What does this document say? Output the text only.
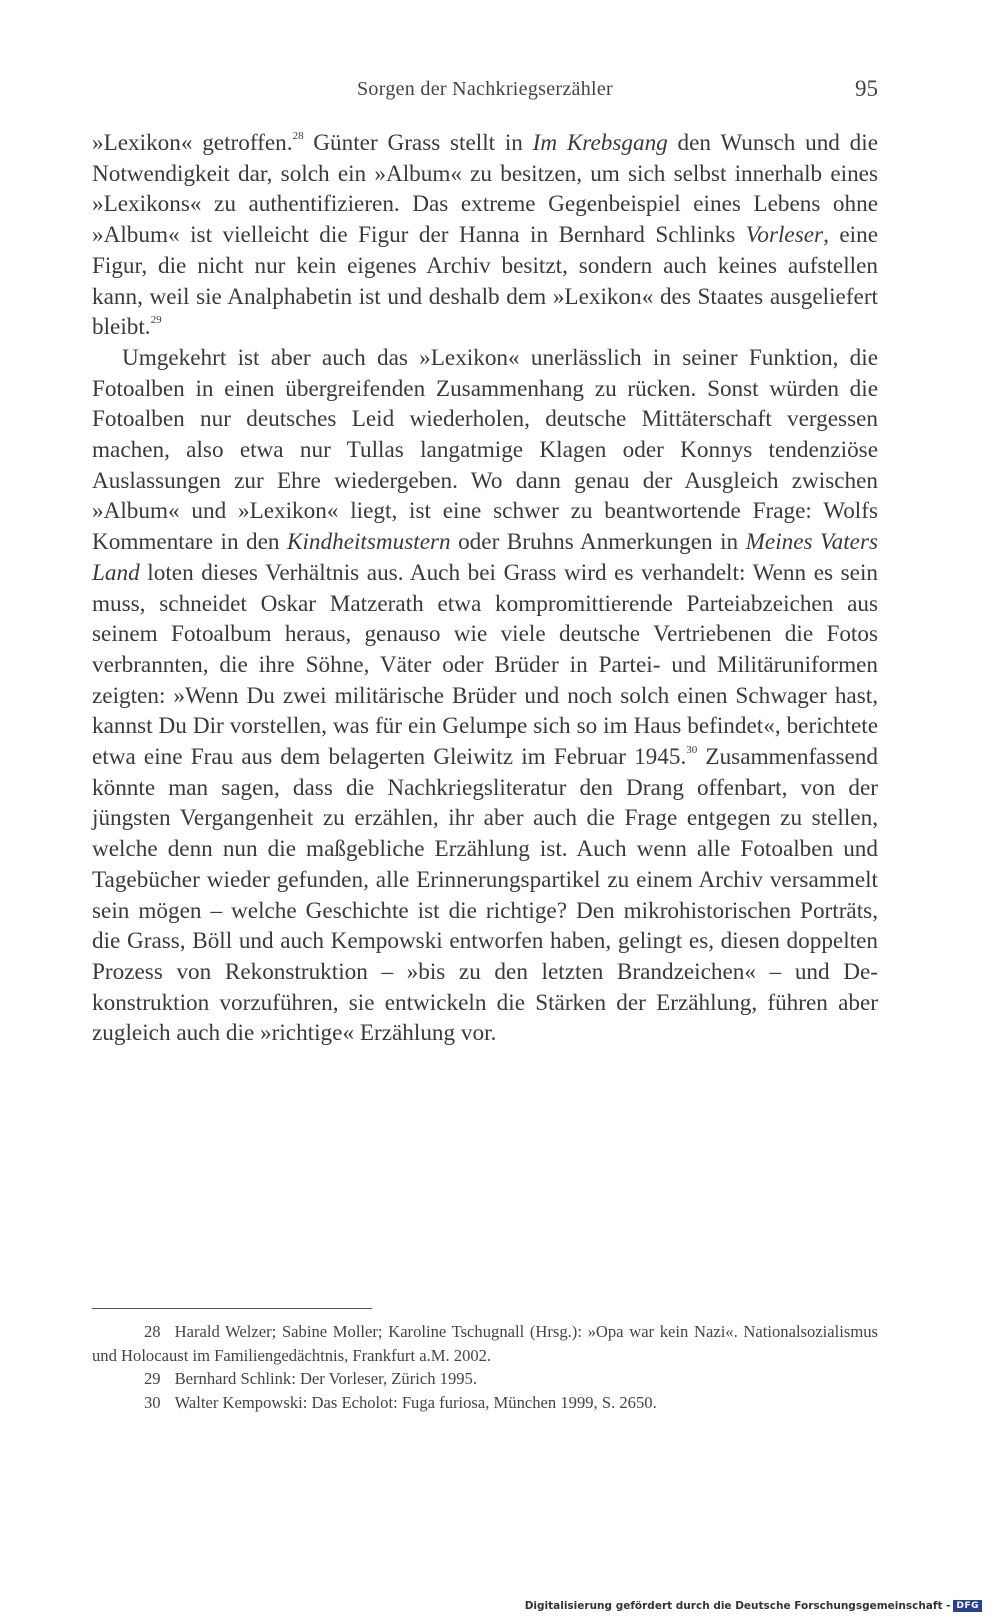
Sorgen der Nachkriegserzähler	95

»Lexikon« getroffen.$^{28}$ Günter Grass stellt in Im Krebsgang den Wunsch und die Notwendigkeit dar, solch ein »Album« zu besitzen, um sich selbst innerhalb eines »Lexikons« zu authentifizieren. Das extreme Gegenbeispiel eines Lebens ohne »Album« ist vielleicht die Figur der Hanna in Bernhard Schlinks Vorleser, eine Figur, die nicht nur kein eigenes Archiv besitzt, sondern auch keines aufstellen kann, weil sie Analphabetin ist und deshalb dem »Lexikon« des Staates ausgeliefert bleibt.$^{29}$

Umgekehrt ist aber auch das »Lexikon« unerlässlich in seiner Funktion, die Fotoalben in einen übergreifenden Zusammenhang zu rücken. Sonst würden die Fotoalben nur deutsches Leid wiederholen, deutsche Mittäterschaft vergessen machen, also etwa nur Tullas langatmige Klagen oder Konnys tendenziöse Auslassungen zur Ehre wiedergeben. Wo dann genau der Ausgleich zwischen »Album« und »Lexikon« liegt, ist eine schwer zu beantwortende Frage: Wolfs Kommentare in den Kindheitsmustern oder Bruhns Anmerkungen in Meines Vaters Land loten dieses Verhältnis aus. Auch bei Grass wird es verhandelt: Wenn es sein muss, schneidet Oskar Matzerath etwa kompromittierende Parteiabzeichen aus seinem Fotoalbum heraus, genauso wie viele deutsche Vertriebenen die Fotos verbrannten, die ihre Söhne, Väter oder Brüder in Partei- und Militäruniformen zeigten: »Wenn Du zwei militärische Brüder und noch solch einen Schwager hast, kannst Du Dir vorstellen, was für ein Gelumpe sich so im Haus befindet«, berichtete etwa eine Frau aus dem belagerten Gleiwitz im Februar 1945.30 Zusammenfassend könnte man sagen, dass die Nachkriegsliteratur den Drang offenbart, von der jüngsten Vergangenheit zu erzählen, ihr aber auch die Frage entgegen zu stellen, welche denn nun die maßgebliche Erzählung ist. Auch wenn alle Fotoalben und Tagebücher wieder gefunden, alle Erinnerungspartikel zu einem Archiv versammelt sein mögen – welche Geschichte ist die richtige? Den mikrohistorischen Porträts, die Grass, Böll und auch Kempowski entworfen haben, gelingt es, diesen doppelten Prozess von Rekonstruktion – »bis zu den letzten Brandzeichen« – und Dekonstruktion vorzuführen, sie entwickeln die Stärken der Erzählung, führen aber zugleich auch die »richtige« Erzählung vor.

28 Harald Welzer; Sabine Moller; Karoline Tschugnall (Hrsg.): »Opa war kein Nazi«. Nationalsozialismus und Holocaust im Familiengedächtnis, Frankfurt a.M. 2002.

29 Bernhard Schlink: Der Vorleser, Zürich 1995.

30 Walter Kempowski: Das Echolot: Fuga furiosa, München 1999, S. 2650.

Digitalisierung gefördert durch die Deutsche Forschungsgemeinschaft - DFG
